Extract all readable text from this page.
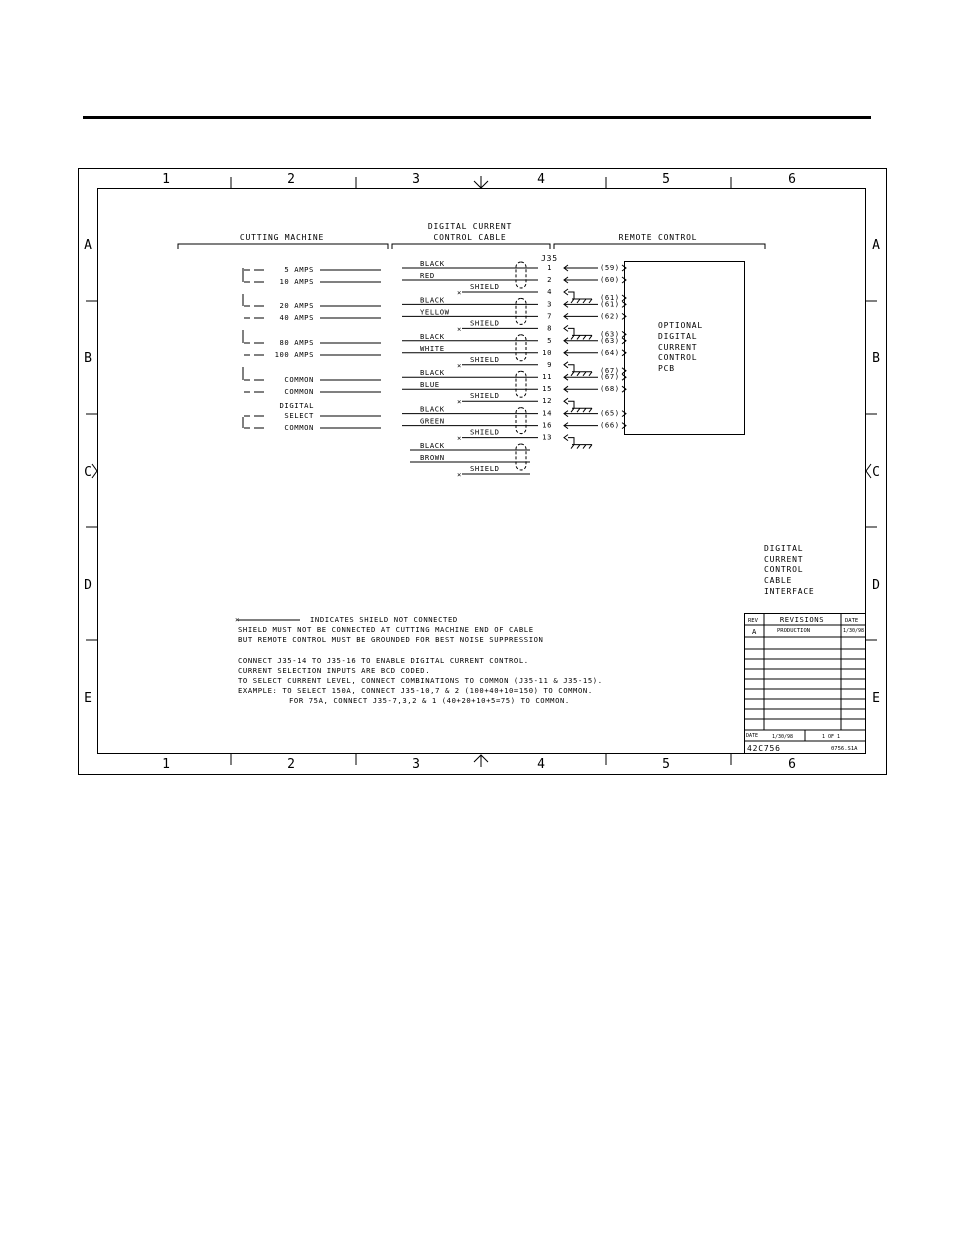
1	2	3	4	5	6
1	2	3	4	5	6
A
B
C
D
E
A
B
C
D
E
CUTTING MACHINE
DIGITAL CURRENT
CONTROL CABLE	REMOTE CONTROL
J35
OPTIONAL
DIGITAL
CURRENT
CONTROL
PCB
5 AMPS
10 AMPS
20 AMPS
40 AMPS
80 AMPS
100 AMPS
COMMON
COMMON
DIGITAL
SELECT
COMMON
BLACK
RED
SHIELD
×
1	(59)
2	(60)
4
(61)
BLACK
YELLOW
SHIELD
×
3	(61)
7	(62)
8
(63)
BLACK
WHITE
SHIELD
×
5	(63)
10	(64)
9
(67)
BLACK
BLUE
SHIELD
×
11	(67)
15	(68)
12
BLACK
GREEN
SHIELD
×
14	(65)
16	(66)
13
BLACK
BROWN
SHIELD
×
DIGITAL
CURRENT
CONTROL
CABLE
INTERFACE
×	INDICATES SHIELD NOT CONNECTED
SHIELD MUST NOT BE CONNECTED AT CUTTING MACHINE END OF CABLE
BUT REMOTE CONTROL MUST BE GROUNDED FOR BEST NOISE SUPPRESSION
CONNECT J35-14 TO J35-16 TO ENABLE DIGITAL CURRENT CONTROL.
CURRENT SELECTION INPUTS ARE BCD CODED.
TO SELECT CURRENT LEVEL, CONNECT COMBINATIONS TO COMMON (J35-11 & J35-15).
EXAMPLE: TO SELECT 150A, CONNECT J35-10,7 & 2 (100+40+10=150) TO COMMON.
FOR 75A, CONNECT J35-7,3,2 & 1 (40+20+10+5=75) TO COMMON.
REV	REVISIONS	DATE
A	PRODUCTION	1/30/98
DATE	1/30/98	1 OF 1
42C756	0756.S1A
